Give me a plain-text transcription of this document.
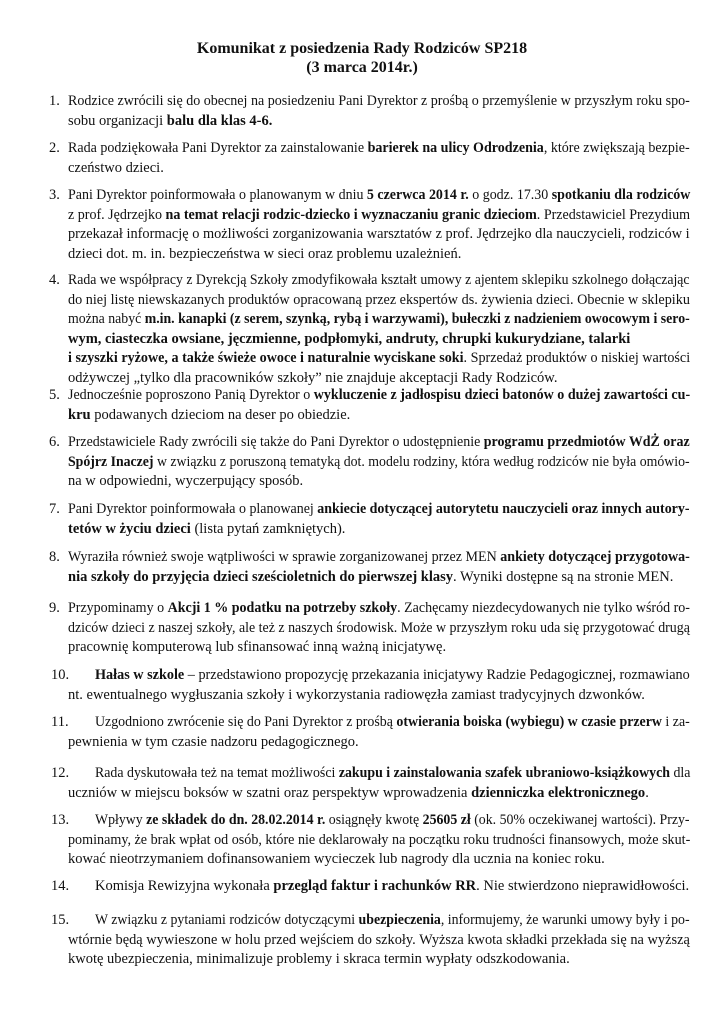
Komunikat z posiedzenia Rady Rodziców SP218
(3 marca 2014r.)
1. Rodzice zwrócili się do obecnej na posiedzeniu Pani Dyrektor z prośbą o przemyślenie w przyszłym roku spo-
sobu organizacji balu dla klas 4-6.
2. Rada podziękowała Pani Dyrektor za zainstalowanie barierek na ulicy Odrodzenia, które zwiększają bezpie-
czeństwo dzieci.
3. Pani Dyrektor poinformowała o planowanym w dniu 5 czerwca 2014 r. o godz. 17.30 spotkaniu dla rodziców
z prof. Jędrzejko na temat relacji rodzic-dziecko i wyznaczaniu granic dzieciom. Przedstawiciel Prezydium
przekazał informację o możliwości zorganizowania warsztatów z prof. Jędrzejko dla nauczycieli, rodziców i
dzieci dot. m. in. bezpieczeństwa w sieci oraz problemu uzależnień.
4. Rada we współpracy z Dyrekcją Szkoły zmodyfikowała kształt umowy z ajentem sklepiku szkolnego dołączając
do niej listę niewskazanych produktów opracowaną przez ekspertów ds. żywienia dzieci. Obecnie w sklepiku
można nabyć m.in. kanapki (z serem, szynką, rybą i warzywami), bułeczki z nadzieniem owocowym i sero-
wym, ciasteczka owsiane, jęczmienne, podpłomyki, andruty, chrupki kukurydziane, talarki
i szyszki ryżowe, a także świeże owoce i naturalnie wyciskane soki. Sprzedaż produktów o niskiej wartości
odżywczej „tylko dla pracowników szkoły” nie znajduje akceptacji Rady Rodziców.
5. Jednocześnie poproszono Panią Dyrektor o wykluczenie z jadłospisu dzieci batonów o dużej zawartości cu-
kru podawanych dzieciom na deser po obiedzie.
6. Przedstawiciele Rady zwrócili się także do Pani Dyrektor o udostępnienie programu przedmiotów WdŻ oraz
Spójrz Inaczej w związku z poruszoną tematyką dot. modelu rodziny, która według rodziców nie była omówio-
na w odpowiedni, wyczerpujący sposób.
7. Pani Dyrektor poinformowała o planowanej ankiecie dotyczącej autorytetu nauczycieli oraz innych autory-
tetów w życiu dzieci (lista pytań zamkniętych).
8. Wyraziła również swoje wątpliwości w sprawie zorganizowanej przez MEN ankiety dotyczącej przygotowa-
nia szkoły do przyjęcia dzieci sześcioletnich do pierwszej klasy. Wyniki dostępne są na stronie MEN.
9. Przypominamy o Akcji 1 % podatku na potrzeby szkoły. Zachęcamy niezdecydowanych nie tylko wśród ro-
dziców dzieci z naszej szkoły, ale też z naszych środowisk. Może w przyszłym roku uda się przygotować drugą
pracownię komputerową lub sfinansować inną ważną inicjatywę.
10. Hałas w szkole – przedstawiono propozycję przekazania inicjatywy Radzie Pedagogicznej, rozmawiano
nt. ewentualnego wygłuszania szkoły i wykorzystania radiowęzła zamiast tradycyjnych dzwonków.
11. Uzgodniono zwrócenie się do Pani Dyrektor z prośbą otwierania boiska (wybiegu) w czasie przerw i za-
pewnienia w tym czasie nadzoru pedagogicznego.
12. Rada dyskutowała też na temat możliwości zakupu i zainstalowania szafek ubraniowo-książkowych dla
uczniów w miejscu boksów w szatni oraz perspektyw wprowadzenia dzienniczka elektronicznego.
13. Wpływy ze składek do dn. 28.02.2014 r. osiągnęły kwotę 25605 zł (ok. 50% oczekiwanej wartości). Przy-
pominamy, że brak wpłat od osób, które nie deklarowały na początku roku trudności finansowych, może skut-
kować nieotrzymaniem dofinansowaniem wycieczek lub nagrody dla ucznia na koniec roku.
14. Komisja Rewizyjna wykonała przegląd faktur i rachunków RR. Nie stwierdzono nieprawidłowości.
15. W związku z pytaniami rodziców dotyczącymi ubezpieczenia, informujemy, że warunki umowy były i po-
wtórnie będą wywieszone w holu przed wejściem do szkoły. Wyższa kwota składki przekłada się na wyższą
kwotę ubezpieczenia, minimalizuje problemy i skraca termin wypłaty odszkodowania.
